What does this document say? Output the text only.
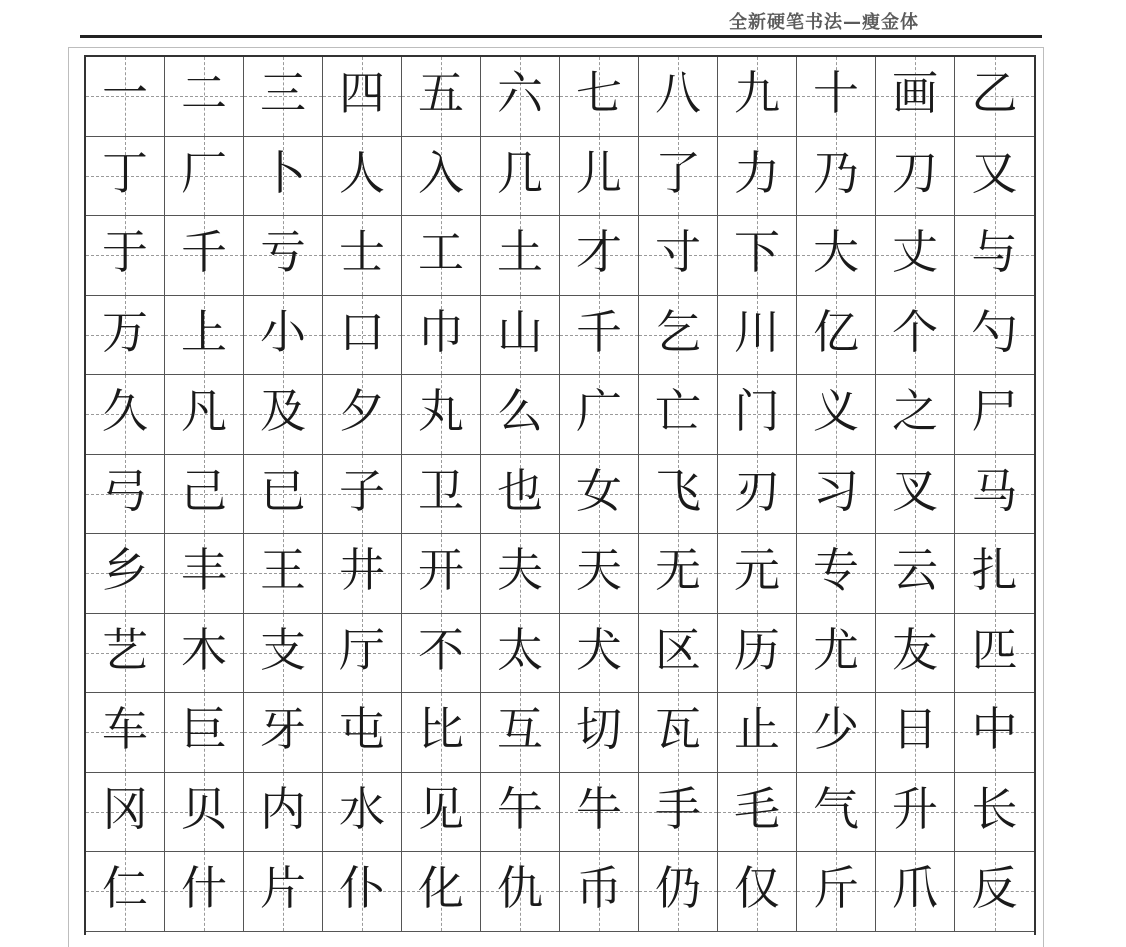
全新硬笔书法—瘦金体
一 二 三 四 五 六 七 八 九 十 画 乙
丁 厂 卜 人 入 几 儿 了 力 乃 刀 又
于 千 亏 士 工 土 才 寸 下 大 丈 与
万 上 小 口 巾 山 千 乞 川 亿 个 勺
久 凡 及 夕 丸 么 广 亡 门 义 之 尸
弓 己 已 子 卫 也 女 飞 刃 习 叉 马
乡 丰 王 井 开 夫 天 无 元 专 云 扎
艺 木 支 厅 不 太 犬 区 历 尤 友 匹
车 巨 牙 屯 比 互 切 瓦 止 少 日 中
冈 贝 内 水 见 午 牛 手 毛 气 升 长
仁 什 片 仆 化 仇 币 仍 仅 斤 爪 反
